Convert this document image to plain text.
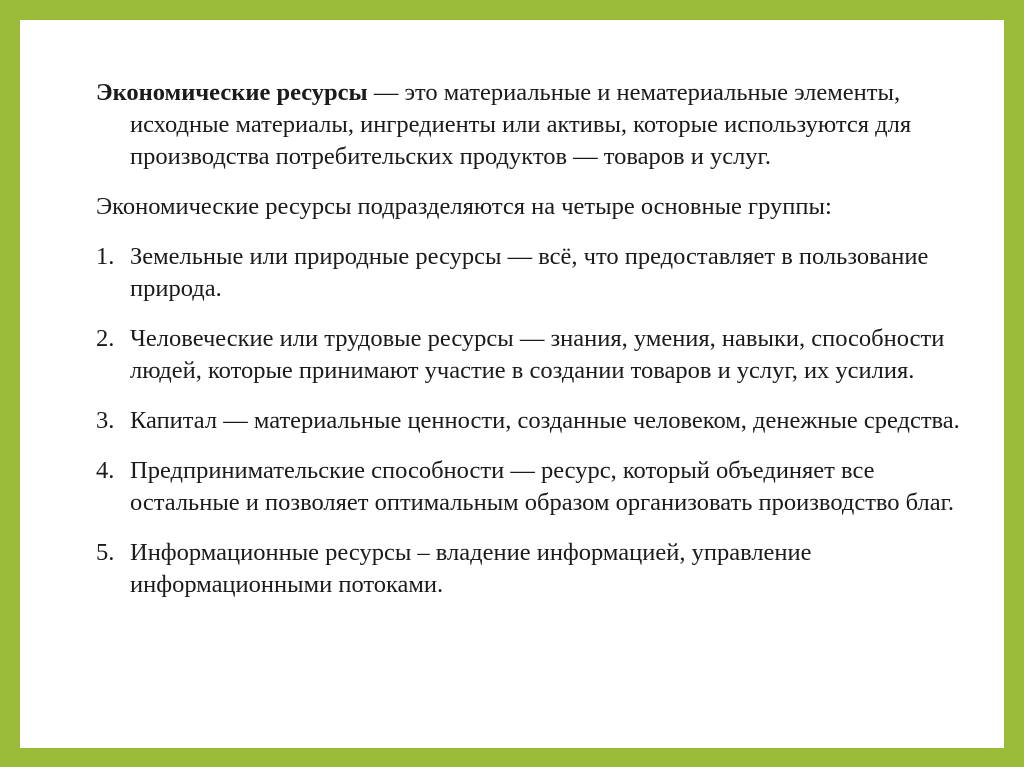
Экономические ресурсы — это материальные и нематериальные элементы, исходные материалы, ингредиенты или активы, которые используются для производства потребительских продуктов — товаров и услуг.

Экономические ресурсы подразделяются на четыре основные группы:

1. Земельные или природные ресурсы — всё, что предоставляет в пользование природа.
2. Человеческие или трудовые ресурсы — знания, умения, навыки, способности людей, которые принимают участие в создании товаров и услуг, их усилия.
3. Капитал — материальные ценности, созданные человеком, денежные средства.
4. Предпринимательские способности — ресурс, который объединяет все остальные и позволяет оптимальным образом организовать производство благ.
5. Информационные ресурсы – владение информацией, управление информационными потоками.
